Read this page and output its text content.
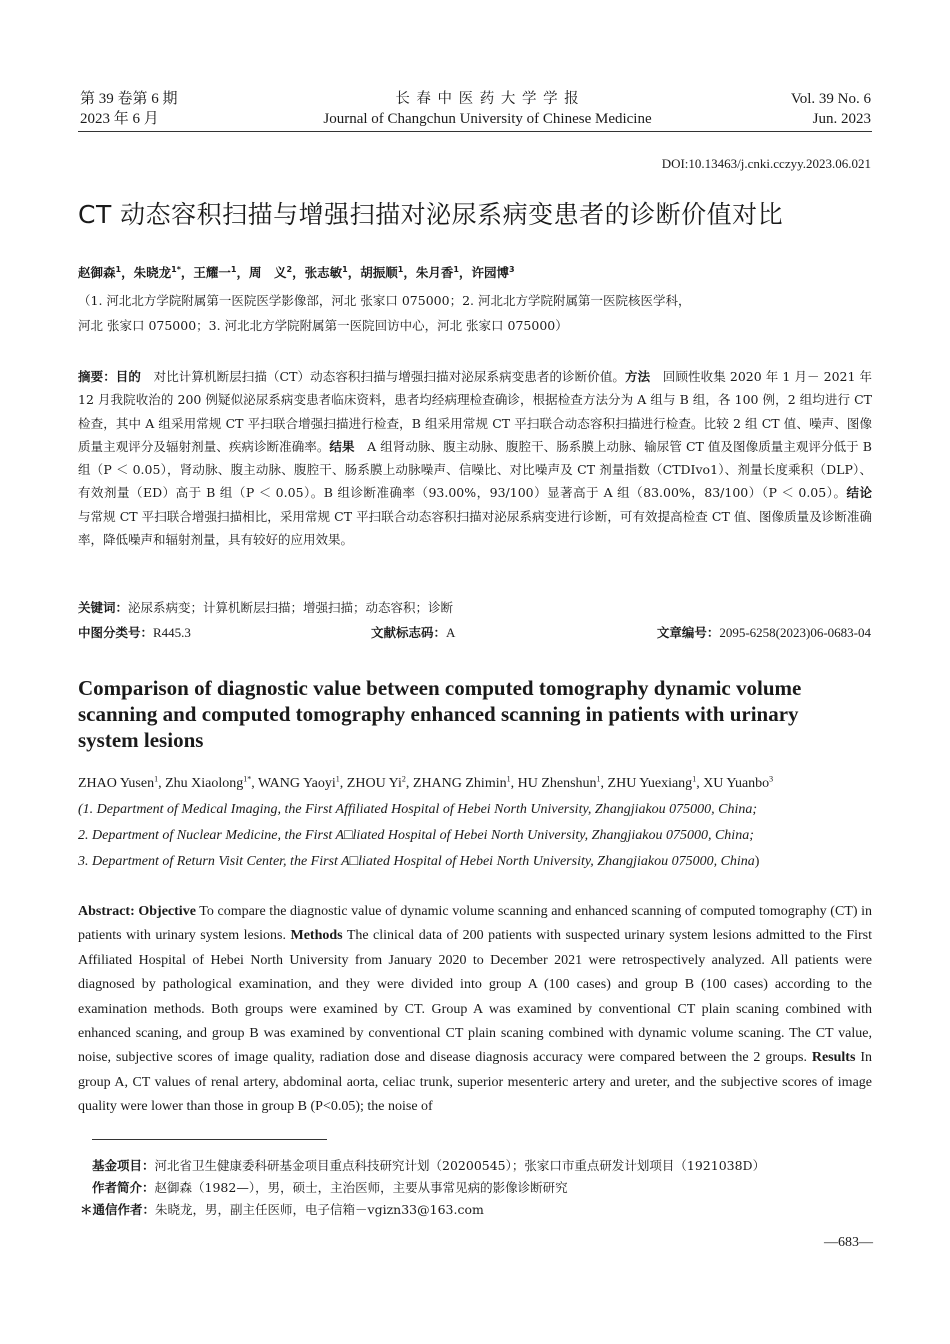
第 39 卷第 6 期
2023 年 6 月
长 春 中 医 药 大 学 学 报
Journal of Changchun University of Chinese Medicine
Vol. 39 No. 6
Jun. 2023
DOI:10.13463/j.cnki.cczyy.2023.06.021
CT 动态容积扫描与增强扫描对泌尿系病变患者的诊断价值对比
赵御森$^1$，朱晓龙$^{1*}$，王耀一$^1$，周　义$^2$，张志敏$^1$，胡振顺$^1$，朱月香$^1$，许园博$^3$
（1. 河北北方学院附属第一医院医学影像部，河北 张家口 075000；2. 河北北方学院附属第一医院核医学科，
河北 张家口 075000；3. 河北北方学院附属第一医院回访中心，河北 张家口 075000）
摘要：目的　 对比计算机断层扫描（CT）动态容积扫描与增强扫描对泌尿系病变患者的诊断价值。方法　 回顾性收集 2020 年 1 月－ 2021 年 12 月我院收治的 200 例疑似泌尿系病变患者临床资料，患者均经病理检查确诊，根据检查方法分为 A 组与 B 组，各 100 例，2 组均进行 CT 检查，其中 A 组采用常规 CT 平扫联合增强扫描进行检查，B 组采用常规 CT 平扫联合动态容积扫描进行检查。比较 2 组 CT 值、噪声、图像质量主观评分及辐射剂量、疾病诊断准确率。结果　 A 组肾动脉、腹主动脉、腹腔干、肠系膜上动脉、输尿管 CT 值及图像质量主观评分低于 B 组（P ＜ 0.05），肾动脉、腹主动脉、腹腔干、肠系膜上动脉噪声、信噪比、对比噪声及 CT 剂量指数（CTDIvo1）、剂量长度乘积（DLP）、有效剂量（ED）高于 B 组（P ＜ 0.05）。B 组诊断准确率（93.00%，93/100）显著高于 A 组（83.00%，83/100）（P ＜ 0.05）。结论　与常规 CT 平扫联合增强扫描相比，采用常规 CT 平扫联合动态容积扫描对泌尿系病变进行诊断，可有效提高检查 CT 值、图像质量及诊断准确率，降低噪声和辐射剂量，具有较好的应用效果。
关键词：泌尿系病变；计算机断层扫描；增强扫描；动态容积；诊断
中图分类号：R445.3	文献标志码：A	文章编号：2095-6258(2023)06-0683-04
Comparison of diagnostic value between computed tomography dynamic volume
scanning and computed tomography enhanced scanning in patients with urinary
system lesions
ZHAO Yusen$^1$, Zhu Xiaolong$^{1*}$, WANG Yaoyi$^1$, ZHOU Yi$^2$, ZHANG Zhimin$^1$, HU Zhenshun$^1$, ZHU Yuexiang$^1$, XU Yuanbo$^3$
(1. Department of Medical Imaging, the First Affiliated Hospital of Hebei North University, Zhangjiakou 075000, China;
2. Department of Nuclear Medicine, the First A□liated Hospital of Hebei North University, Zhangjiakou 075000, China;
3. Department of Return Visit Center, the First A□liated Hospital of Hebei North University, Zhangjiakou 075000, China)
Abstract: Objective To compare the diagnostic value of dynamic volume scanning and enhanced scanning of computed tomography (CT) in patients with urinary system lesions. Methods The clinical data of 200 patients with suspected urinary system lesions admitted to the First Affiliated Hospital of Hebei North University from January 2020 to December 2021 were retrospectively analyzed. All patients were diagnosed by pathological examination, and they were divided into group A (100 cases) and group B (100 cases) according to the examination methods. Both groups were examined by CT. Group A was examined by conventional CT plain scaning combined with enhanced scaning, and group B was examined by conventional CT plain scaning combined with dynamic volume scaning. The CT value, noise, subjective scores of image quality, radiation dose and disease diagnosis accuracy were compared between the 2 groups. Results In group A, CT values of renal artery, abdominal aorta, celiac trunk, superior mesenteric artery and ureter, and the subjective scores of image quality were lower than those in group B (P<0.05); the noise of
基金项目：河北省卫生健康委科研基金项目重点科技研究计划（20200545）；张家口市重点研发计划项目（1921038D）
作者简介：赵御森（1982—），男，硕士，主治医师，主要从事常见病的影像诊断研究
＊通信作者：朱晓龙，男，副主任医师，电子信箱－vgizn33@163.com
—683—
